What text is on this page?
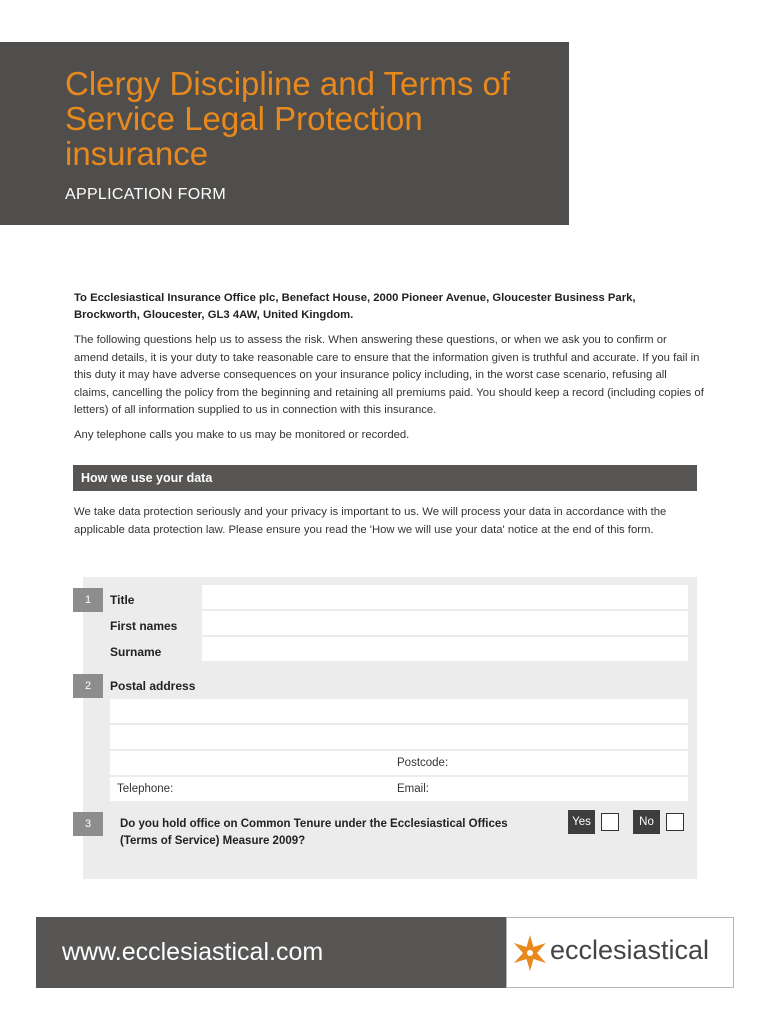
Clergy Discipline and Terms of Service Legal Protection insurance
APPLICATION FORM
To Ecclesiastical Insurance Office plc, Benefact House, 2000 Pioneer Avenue, Gloucester Business Park, Brockworth, Gloucester, GL3 4AW, United Kingdom.
The following questions help us to assess the risk. When answering these questions, or when we ask you to confirm or amend details, it is your duty to take reasonable care to ensure that the information given is truthful and accurate. If you fail in this duty it may have adverse consequences on your insurance policy including, in the worst case scenario, refusing all claims, cancelling the policy from the beginning and retaining all premiums paid. You should keep a record (including copies of letters) of all information supplied to us in connection with this insurance.
Any telephone calls you make to us may be monitored or recorded.
How we use your data
We take data protection seriously and your privacy is important to us. We will process your data in accordance with the applicable data protection law. Please ensure you read the 'How we will use your data' notice at the end of this form.
1	Title
First names
Surname
2	Postal address
Postcode:
Telephone:	Email:
3	Do you hold office on Common Tenure under the Ecclesiastical Offices (Terms of Service) Measure 2009?
Yes	No
www.ecclesiastical.com	ecclesiastical
